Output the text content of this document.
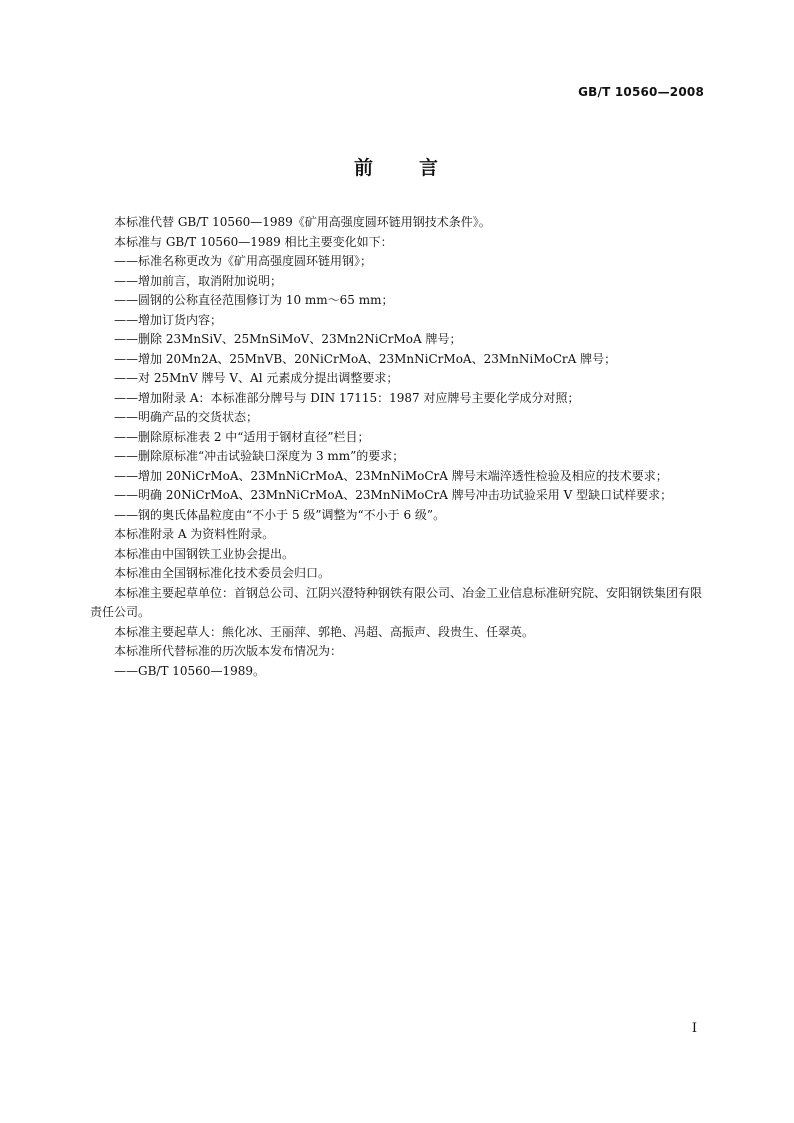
GB/T 10560—2008
前 言

本标准代替 GB/T 10560—1989《矿用高强度圆环链用钢技术条件》。

本标准与 GB/T 10560—1989 相比主要变化如下：

——标准名称更改为《矿用高强度圆环链用钢》；

——增加前言，取消附加说明；

——圆钢的公称直径范围修订为 10 mm～65 mm；

——增加订货内容；

——删除 23MnSiV、25MnSiMoV、23Mn2NiCrMoA 牌号；

——增加 20Mn2A、25MnVB、20NiCrMoA、23MnNiCrMoA、23MnNiMoCrA 牌号；

——对 25MnV 牌号 V、Al 元素成分提出调整要求；

——增加附录 A：本标准部分牌号与 DIN 17115：1987 对应牌号主要化学成分对照；

——明确产品的交货状态；

——删除原标准表 2 中“适用于钢材直径”栏目；

——删除原标准“冲击试验缺口深度为 3 mm”的要求；

——增加 20NiCrMoA、23MnNiCrMoA、23MnNiMoCrA 牌号末端淬透性检验及相应的技术要求；

——明确 20NiCrMoA、23MnNiCrMoA、23MnNiMoCrA 牌号冲击功试验采用 V 型缺口试样要求；

——钢的奥氏体晶粒度由“不小于 5 级”调整为“不小于 6 级”。

本标准附录 A 为资料性附录。

本标准由中国钢铁工业协会提出。

本标准由全国钢标准化技术委员会归口。

本标准主要起草单位：首钢总公司、江阴兴澄特种钢铁有限公司、冶金工业信息标准研究院、安阳钢铁集团有限责任公司。

本标准主要起草人：熊化冰、王丽萍、郭艳、冯超、高振声、段贵生、任翠英。

本标准所代替标准的历次版本发布情况为：

——GB/T 10560—1989。

I
